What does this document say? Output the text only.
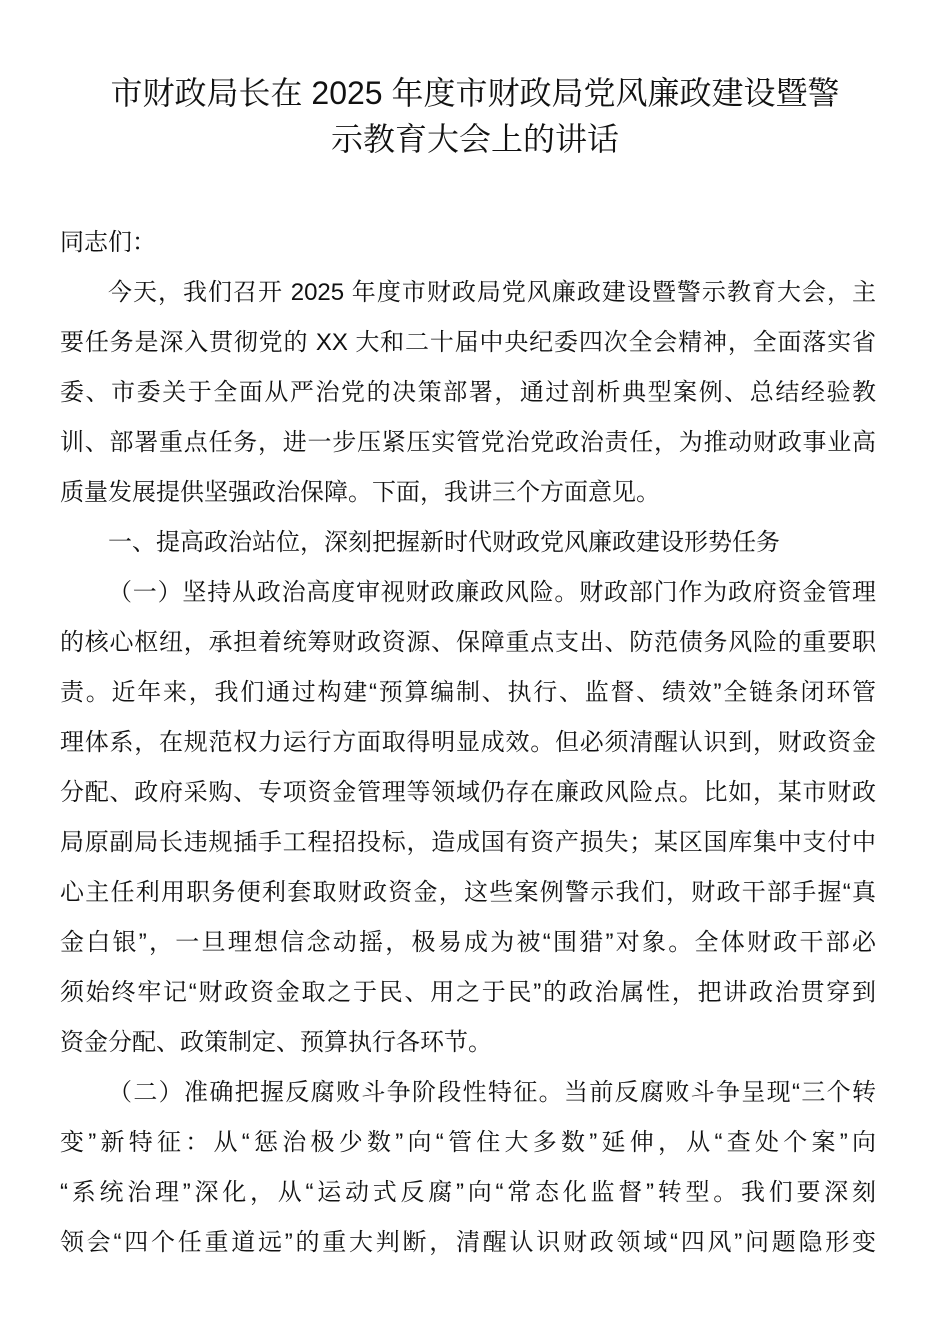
市财政局长在 2025 年度市财政局党风廉政建设暨警
示教育大会上的讲话
同志们：
今天，我们召开 2025 年度市财政局党风廉政建设暨警示教育大会，主
要任务是深入贯彻党的 XX 大和二十届中央纪委四次全会精神，全面落实省
委、市委关于全面从严治党的决策部署，通过剖析典型案例、总结经验教
训、部署重点任务，进一步压紧压实管党治党政治责任，为推动财政事业高
质量发展提供坚强政治保障。下面，我讲三个方面意见。
一、提高政治站位，深刻把握新时代财政党风廉政建设形势任务
（一）坚持从政治高度审视财政廉政风险。财政部门作为政府资金管理
的核心枢纽，承担着统筹财政资源、保障重点支出、防范债务风险的重要职
责。近年来，我们通过构建“预算编制、执行、监督、绩效”全链条闭环管
理体系，在规范权力运行方面取得明显成效。但必须清醒认识到，财政资金
分配、政府采购、专项资金管理等领域仍存在廉政风险点。比如，某市财政
局原副局长违规插手工程招投标，造成国有资产损失；某区国库集中支付中
心主任利用职务便利套取财政资金，这些案例警示我们，财政干部手握“真
金白银”，一旦理想信念动摇，极易成为被“围猎”对象。全体财政干部必
须始终牢记“财政资金取之于民、用之于民”的政治属性，把讲政治贯穿到
资金分配、政策制定、预算执行各环节。
（二）准确把握反腐败斗争阶段性特征。当前反腐败斗争呈现“三个转
变”新特征：从“惩治极少数”向“管住大多数”延伸，从“查处个案”向
“系统治理”深化，从“运动式反腐”向“常态化监督”转型。我们要深刻
领会“四个任重道远”的重大判断，清醒认识财政领域“四风”问题隐形变
